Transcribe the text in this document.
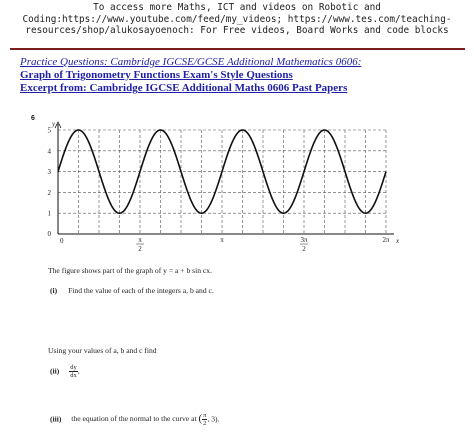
To access more Maths, ICT and videos on Robotic and
Coding:https://www.youtube.com/feed/my_videos; https://www.tes.com/teaching-
resources/shop/alukosayoenoch: For Free videos, Board Works and code blocks
Practice Questions: Cambridge IGCSE/GCSE Additional Mathematics 0606:
Graph of Trigonometry Functions Exam's Style Questions
Excerpt from: Cambridge IGCSE Additional Maths 0606 Past Papers
6
1
2
3
4
5
0
0
y
x
π
2
π	3π
2
2π
The figure shows part of the graph of y = a + b sin cx.
(i) Find the value of each of the integers a, b and c.
Using your values of a, b and c find
$(ii) \frac{dy}{dx}$ ,
(iii) the equation of the normal to the curve at ( $\frac{\pi}{2}$ , 3).
